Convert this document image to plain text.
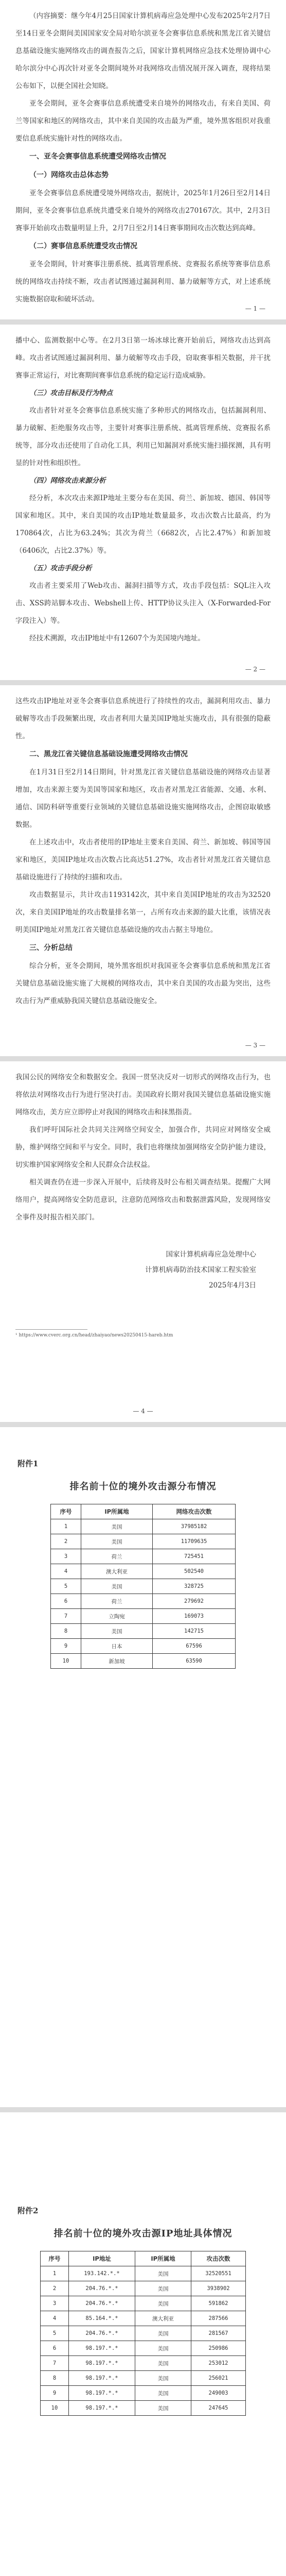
（内容摘要：继今年4月25日国家计算机病毒应急处理中心发布2025年2月7日至14日亚冬会期间美国国家安全局对哈尔滨亚冬会赛事信息系统和黑龙江省关键信息基础设施实施网络攻击的调查报告之后，国家计算机网络应急技术处理协调中心哈尔滨分中心再次针对亚冬会期间境外对我网络攻击情况展开深入调查，现将结果公布如下，以便全国社会知晓。

亚冬会期间，亚冬会赛事信息系统遭受来自境外的网络攻击，有来自美国、荷兰等国家和地区的网络攻击，其中来自美国的攻击最为严重，境外黑客组织对我重要信息系统实施针对性的网络攻击。

一、亚冬会赛事信息系统遭受网络攻击情况

（一）网络攻击总体态势

亚冬会赛事信息系统遭受境外网络攻击，据统计，2025年1月26日至2月14日期间，亚冬会赛事信息系统共遭受来自境外的网络攻击270167次。其中，2月3日赛事开始前攻击数量明显上升，2月7日至2月14日赛事期间攻击次数达到高峰。

（二）赛事信息系统遭受攻击情况

亚冬会期间，针对赛事注册系统、抵离管理系统、竞赛报名系统等赛事信息系统的网络攻击持续不断，攻击者试图通过漏洞利用、暴力破解等方式，对上述系统实施数据窃取和破坏活动。

— 1 —

播中心、监测数据中心等。在2月3日第一场冰球比赛开始前后，网络攻击达到高峰。攻击者试图通过漏洞利用、暴力破解等攻击手段，窃取赛事相关数据，并干扰赛事正常运行，对比赛期间赛事信息系统的稳定运行造成威胁。

（三）攻击目标及行为特点

攻击者针对亚冬会赛事信息系统实施了多种形式的网络攻击，包括漏洞利用、暴力破解、拒绝服务攻击等，主要针对赛事注册系统、抵离管理系统、竞赛报名系统等，部分攻击还使用了自动化工具，利用已知漏洞对系统实施扫描探测，具有明显的针对性和组织性。

（四）网络攻击来源分析

经分析，本次攻击来源IP地址主要分布在美国、荷兰、新加坡、德国、韩国等国家和地区。其中，来自美国的攻击IP地址数量最多，攻击次数占比最高，约为170864次，占比为63.24%；其次为荷兰（6682次，占比2.47%）和新加坡（6406次，占比2.37%）等。

（五）攻击手段分析

攻击者主要采用了Web攻击、漏洞扫描等方式，攻击手段包括：SQL注入攻击、XSS跨站脚本攻击、Webshell上传、HTTP协议头注入（X-Forwarded-For字段注入）等。

经技术溯源，攻击IP地址中有12607个为美国境内地址。

— 2 —

这些攻击IP地址对亚冬会赛事信息系统进行了持续性的攻击，漏洞利用攻击、暴力破解等攻击手段频繁出现，攻击者利用大量美国IP地址实施攻击，具有很强的隐蔽性。

二、黑龙江省关键信息基础设施遭受网络攻击情况

在1月31日至2月14日期间，针对黑龙江省关键信息基础设施的网络攻击显著增加，攻击来源主要为美国等国家和地区，攻击者对黑龙江省能源、交通、水利、通信、国防科研等重要行业领域的关键信息基础设施实施网络攻击，企图窃取敏感数据。

在上述攻击中，攻击者使用的IP地址主要来自美国、荷兰、新加坡、韩国等国家和地区，美国IP地址攻击次数占比高达51.27%，攻击者针对黑龙江省关键信息基础设施进行了持续的扫描和攻击。

攻击数据显示，共计攻击1193142次，其中来自美国IP地址的攻击为32520次，来自美国IP地址的攻击数量排名第一，占所有攻击来源的最大比重，该情况表明美国IP地址对黑龙江省关键信息基础设施的攻击占据主导地位。

三、分析总结

综合分析，亚冬会期间，境外黑客组织对我国亚冬会赛事信息系统和黑龙江省关键信息基础设施实施了大规模的网络攻击，其中来自美国的攻击最为突出，这些攻击行为严重威胁我国关键信息基础设施安全。

— 3 —

我国公民的网络安全和数据安全。我国一贯坚决反对一切形式的网络攻击行为，也将依法对网络攻击行为进行坚决打击。美国政府长期对我国关键信息基础设施实施网络攻击，美方应立即停止对我国的网络攻击和抹黑指责。

我们呼吁国际社会共同关注网络空间安全，加强合作，共同应对网络安全威胁，维护网络空间和平与安全。同时，我们也将继续加强网络安全防护能力建设，切实维护国家网络安全和人民群众合法权益。

相关调查仍在进一步深入开展中，后续将及时公布相关调查结果。提醒广大网络用户，提高网络安全防范意识，注意防范网络攻击和数据泄露风险，发现网络安全事件及时报告相关部门。

国家计算机病毒应急处理中心

计算机病毒防治技术国家工程实验室

2025年4月3日

¹ https://www.cverc.org.cn/head/zhaiyao/news20250415-hareb.htm

— 4 —
附件1
排名前十位的境外攻击源分布情况
序号	IP所属地	网络攻击次数
1	美国	37985182
2	美国	11709635
3	荷兰	725451
4	澳大利亚	502540
5	美国	328725
6	荷兰	279692
7	立陶宛	169073
8	美国	142715
9	日本	67596
10	新加坡	63590
附件2
排名前十位的境外攻击源IP地址具体情况
序号	IP地址	IP所属地	攻击次数
1	193.142.*.*	美国	32520551
2	204.76.*.*	美国	3938902
3	204.76.*.*	美国	591862
4	85.164.*.*	澳大利亚	287566
5	204.76.*.*	美国	281567
6	98.197.*.*	美国	250986
7	98.197.*.*	美国	253012
8	98.197.*.*	美国	256021
9	98.197.*.*	美国	249003
10	98.197.*.*	美国	247645
